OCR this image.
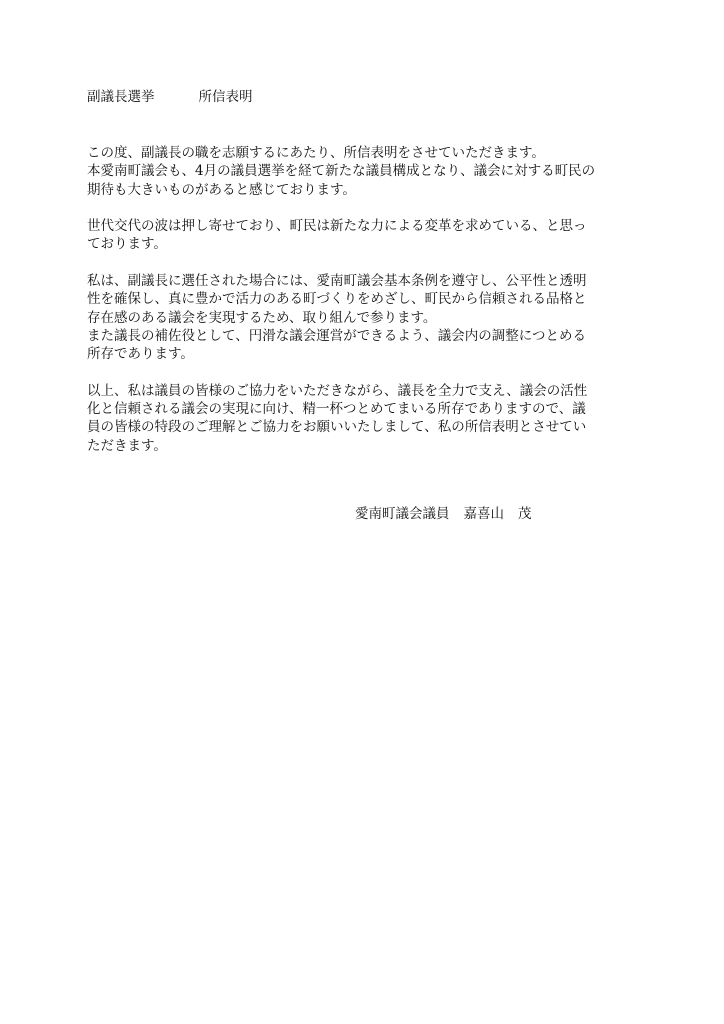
副議長選挙	所信表明
この度、副議長の職を志願するにあたり、所信表明をさせていただきます。
本愛南町議会も、4月の議員選挙を経て新たな議員構成となり、議会に対する町民の
期待も大きいものがあると感じております。
世代交代の波は押し寄せており、町民は新たな力による変革を求めている、と思っ
ております。
私は、副議長に選任された場合には、愛南町議会基本条例を遵守し、公平性と透明
性を確保し、真に豊かで活力のある町づくりをめざし、町民から信頼される品格と
存在感のある議会を実現するため、取り組んで参ります。
また議長の補佐役として、円滑な議会運営ができるよう、議会内の調整につとめる
所存であります。
以上、私は議員の皆様のご協力をいただきながら、議長を全力で支え、議会の活性
化と信頼される議会の実現に向け、精一杯つとめてまいる所存でありますので、議
員の皆様の特段のご理解とご協力をお願いいたしまして、私の所信表明とさせてい
ただきます。
愛南町議会議員 嘉喜山 茂
